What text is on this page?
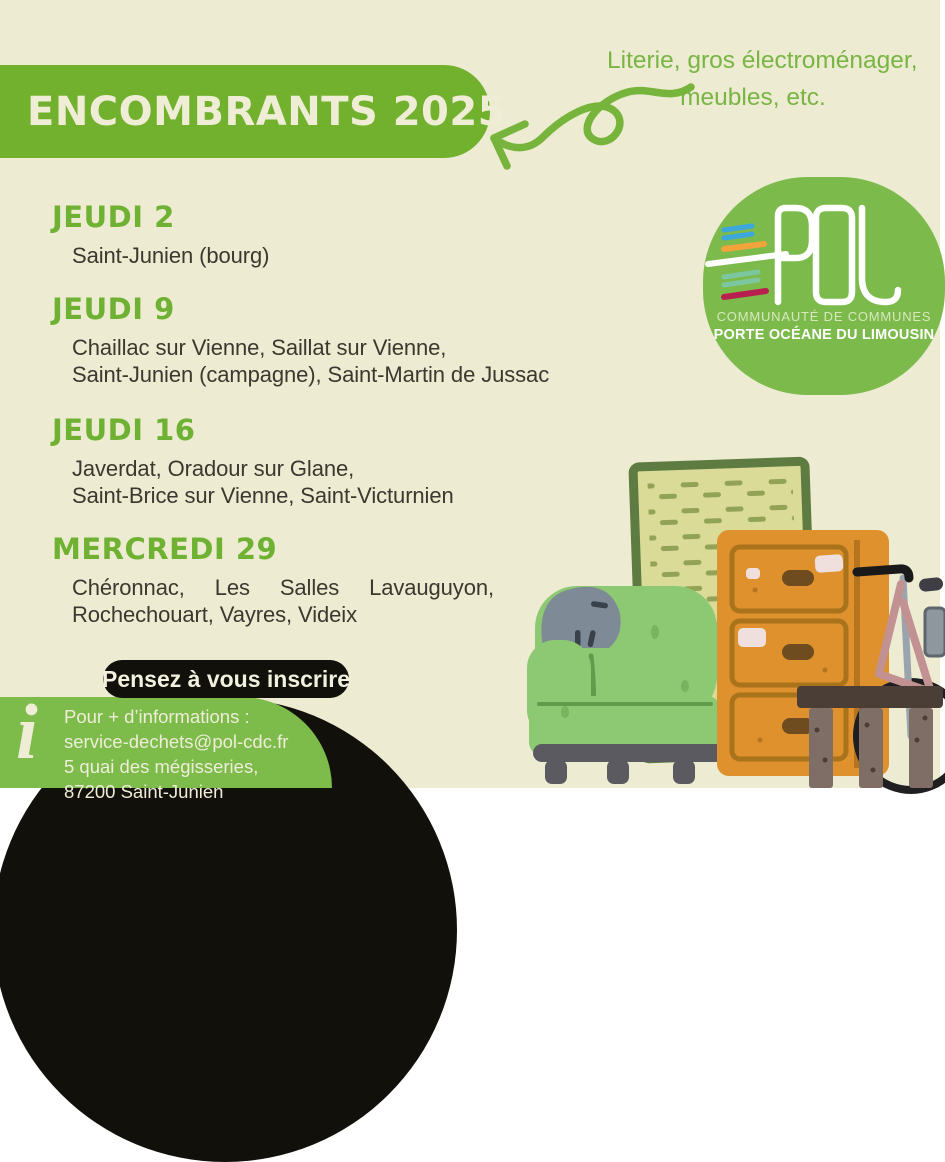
ENCOMBRANTS 2025
Literie, gros électroménager,
meubles, etc.
JEUDI 2

Saint-Junien (bourg)

JEUDI 9

Chaillac sur Vienne, Saillat sur Vienne,

Saint-Junien (campagne), Saint-Martin de Jussac

JEUDI 16

Javerdat, Oradour sur Glane,

Saint-Brice sur Vienne, Saint-Victurnien

MERCREDI 29

Chéronnac, Les Salles Lavauguyon,

Rochechouart, Vayres, Videix

COMMUNAUTÉ DE COMMUNES
PORTE OCÉANE DU LIMOUSIN
i Pour + d’informations :
service-dechets@pol-cdc.fr
5 quai des mégisseries,
87200 Saint-Junien
Pensez à vous inscrire
